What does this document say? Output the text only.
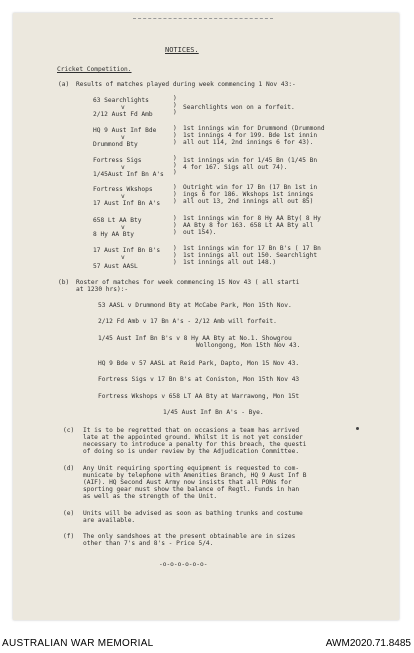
NOTICES.
Cricket Competition.
(a) Results of matches played during week commencing 1 Nov 43:-
63 Searchlights
v
2/12 Aust Fd Amb
)
)
)
Searchlights won on a forfeit.
HQ 9 Aust Inf Bde
v
Drummond Bty
)
)
)
1st innings win for Drummond (Drummond
1st innings 4 for 199. Bde 1st innin
all out 114, 2nd innings 6 for 43).
Fortress Sigs
v
1/45Aust Inf Bn A's
)
)
)
1st innings win for 1/45 Bn (1/45 Bn
4 for 167. Sigs all out 74).
Fortress Wkshops
v
17 Aust Inf Bn A's
)
)
)
Outright win for 17 Bn (17 Bn 1st in
ings 6 for 186. Wkshops 1st innings
all out 13, 2nd innings all out 85)
658 Lt AA Bty
v
8 Hy AA Bty
)
)
)
1st innings win for 8 Hy AA Bty( 8 Hy
AA Bty 8 for 163. 658 Lt AA Bty all
out 154).
17 Aust Inf Bn B's
v
57 Aust AASL
)
)
)
1st innings win for 17 Bn B's ( 17 Bn
1st innings all out 150. Searchlight
1st innings all out 148.)
(b) Roster of matches for week commencing 15 Nov 43 ( all starti
at 1230 hrs):-
53 AASL v Drummond Bty at McCabe Park, Mon 15th Nov.
2/12 Fd Amb v 17 Bn A's - 2/12 Amb will forfeit.
1/45 Aust Inf Bn B's v 8 Hy AA Bty at No.1. Showgrou
Wollongong, Mon 15th Nov 43.
HQ 9 Bde v 57 AASL at Reid Park, Dapto, Mon 15 Nov 43.
Fortress Sigs v 17 Bn B's at Coniston, Mon 15th Nov 43
Fortress Wkshops v 658 LT AA Bty at Warrawong, Mon 15t
1/45 Aust Inf Bn A's - Bye.
(c) It is to be regretted that on occasions a team has arrived
late at the appointed ground. Whilst it is not yet consider
necessary to introduce a penalty for this breach, the questi
of doing so is under review by the Adjudication Committee.
(d) Any Unit requiring sporting equipment is requested to com-
municate by telephone with Amenities Branch, HQ 9 Aust Inf B
(AIF). HQ Second Aust Army now insists that all PONs for
sporting gear must show the balance of Regtl. Funds in han
as well as the strength of the Unit.
(e) Units will be advised as soon as bathing trunks and costume
are available.
(f) The only sandshoes at the present obtainable are in sizes
other than 7's and 8's - Price 5/4.
-o-o-o-o-o-o-
AUSTRALIAN WAR MEMORIAL	AWM2020.71.8485
